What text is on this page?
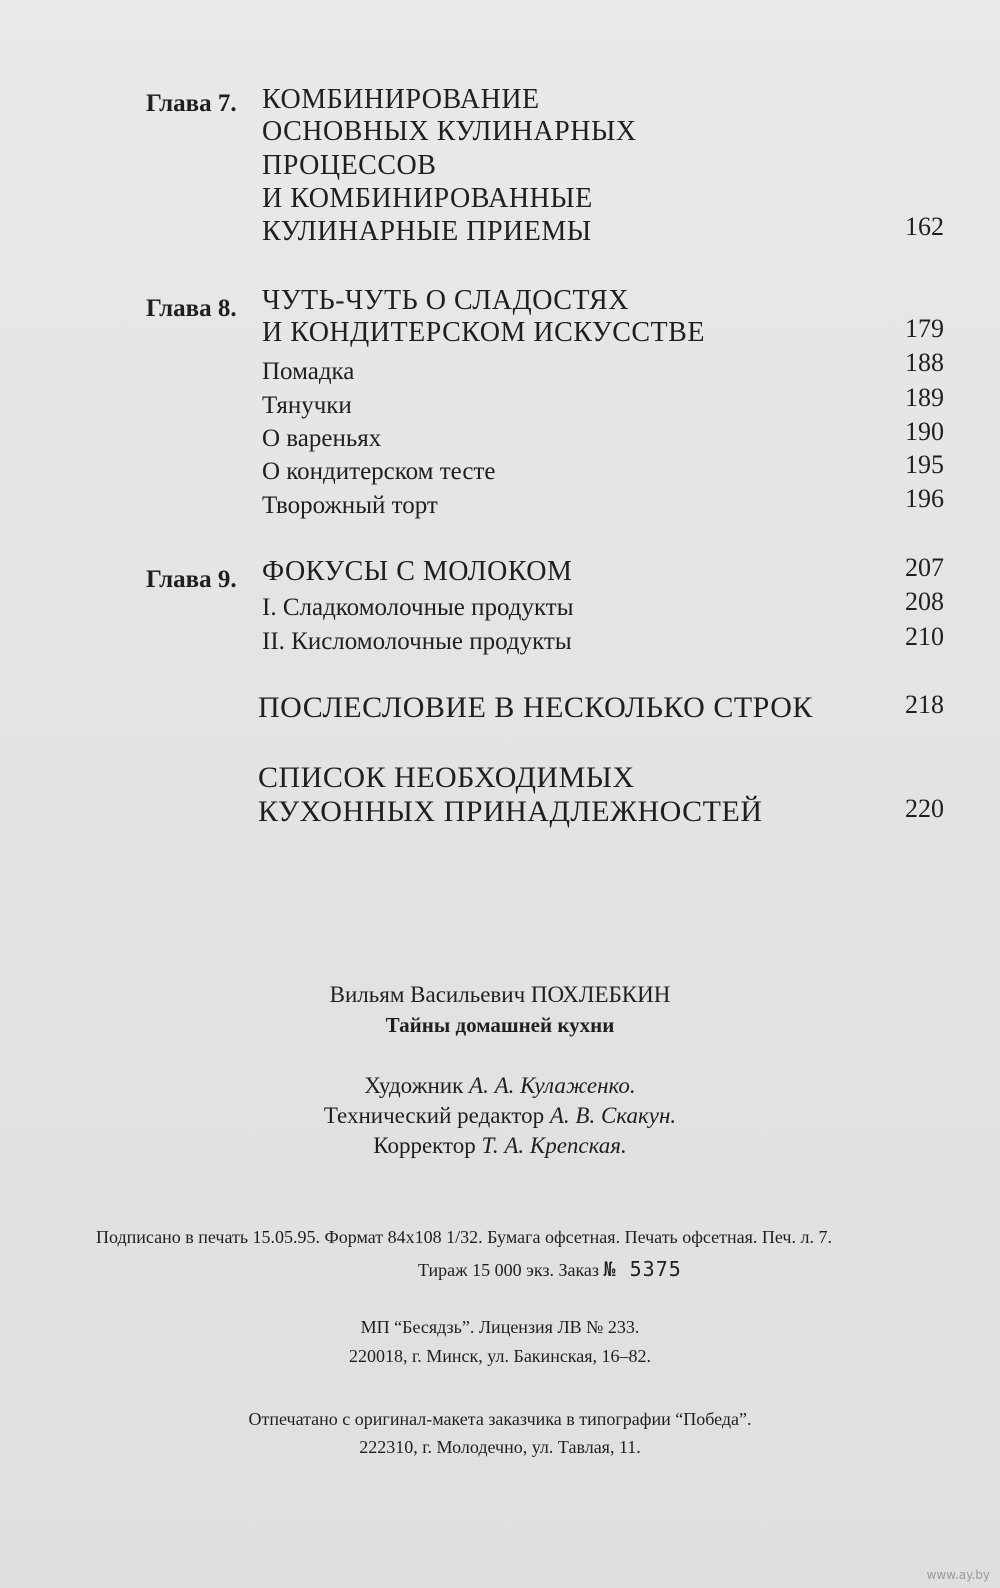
Глава 7. КОМБИНИРОВАНИЕ
ОСНОВНЫХ КУЛИНАРНЫХ
ПРОЦЕССОВ
И КОМБИНИРОВАННЫЕ
КУЛИНАРНЫЕ ПРИЕМЫ	162
Глава 8. ЧУТЬ-ЧУТЬ О СЛАДОСТЯХ
И КОНДИТЕРСКОМ ИСКУССТВЕ	179
Помадка	188
Тянучки	189
О вареньях	190
О кондитерском тесте	195
Творожный торт	196
Глава 9. ФОКУСЫ С МОЛОКОМ	207
I. Сладкомолочные продукты	208
II. Кисломолочные продукты	210
ПОСЛЕСЛОВИЕ В НЕСКОЛЬКО СТРОК	218
СПИСОК НЕОБХОДИМЫХ
КУХОННЫХ ПРИНАДЛЕЖНОСТЕЙ	220
Вильям Васильевич ПОХЛЕБКИН
Тайны домашней кухни
Художник А. А. Кулаженко.
Технический редактор А. В. Скакун.
Корректор Т. А. Крепская.
Подписано в печать 15.05.95. Формат 84x108 1/32. Бумага офсетная. Печать офсетная. Печ. л. 7.
Тираж 15 000 экз. Заказ № 5375
МП “Бесядзь”. Лицензия ЛВ № 233.
220018, г. Минск, ул. Бакинская, 16–82.
Отпечатано с оригинал-макета заказчика в типографии “Победа”.
222310, г. Молодечно, ул. Тавлая, 11.
www.ay.by
